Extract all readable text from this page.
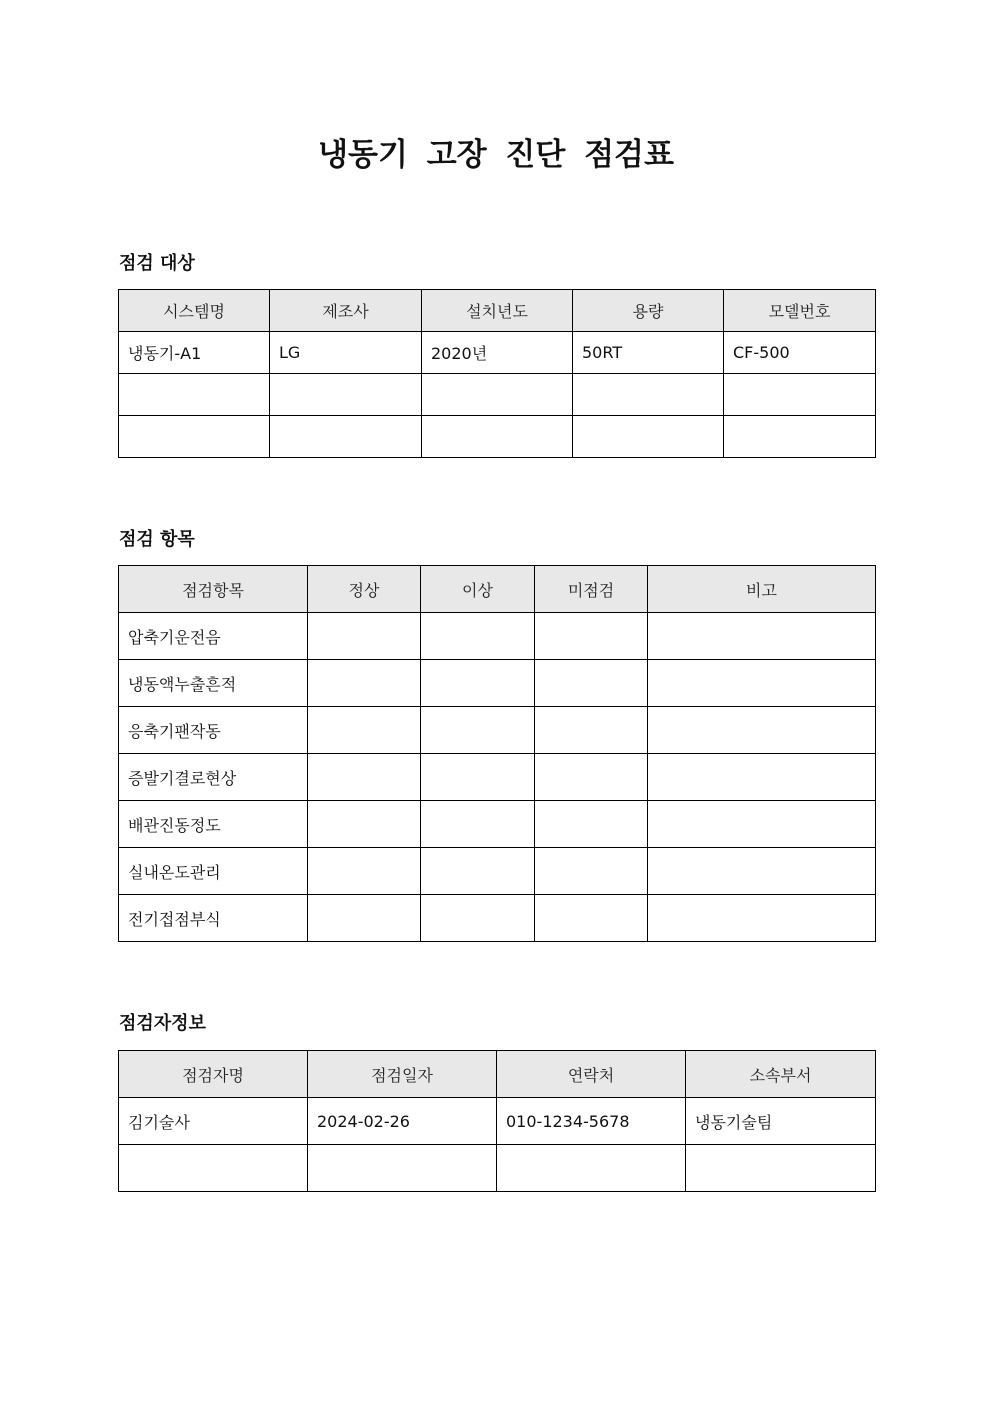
냉동기 고장 진단 점검표
점검 대상
시스템명	제조사	설치년도	용량	모델번호
냉동기-A1	LG	2020년	50RT	CF-500

점검 항목
점검항목	정상	이상	미점검	비고
압축기운전음				
냉동액누출흔적				
응축기팬작동				
증발기결로현상				
배관진동정도				
실내온도관리				
전기접점부식				
점검자정보
점검자명	점검일자	연락처	소속부서
김기술사	2024-02-26	010-1234-5678	냉동기술팀
